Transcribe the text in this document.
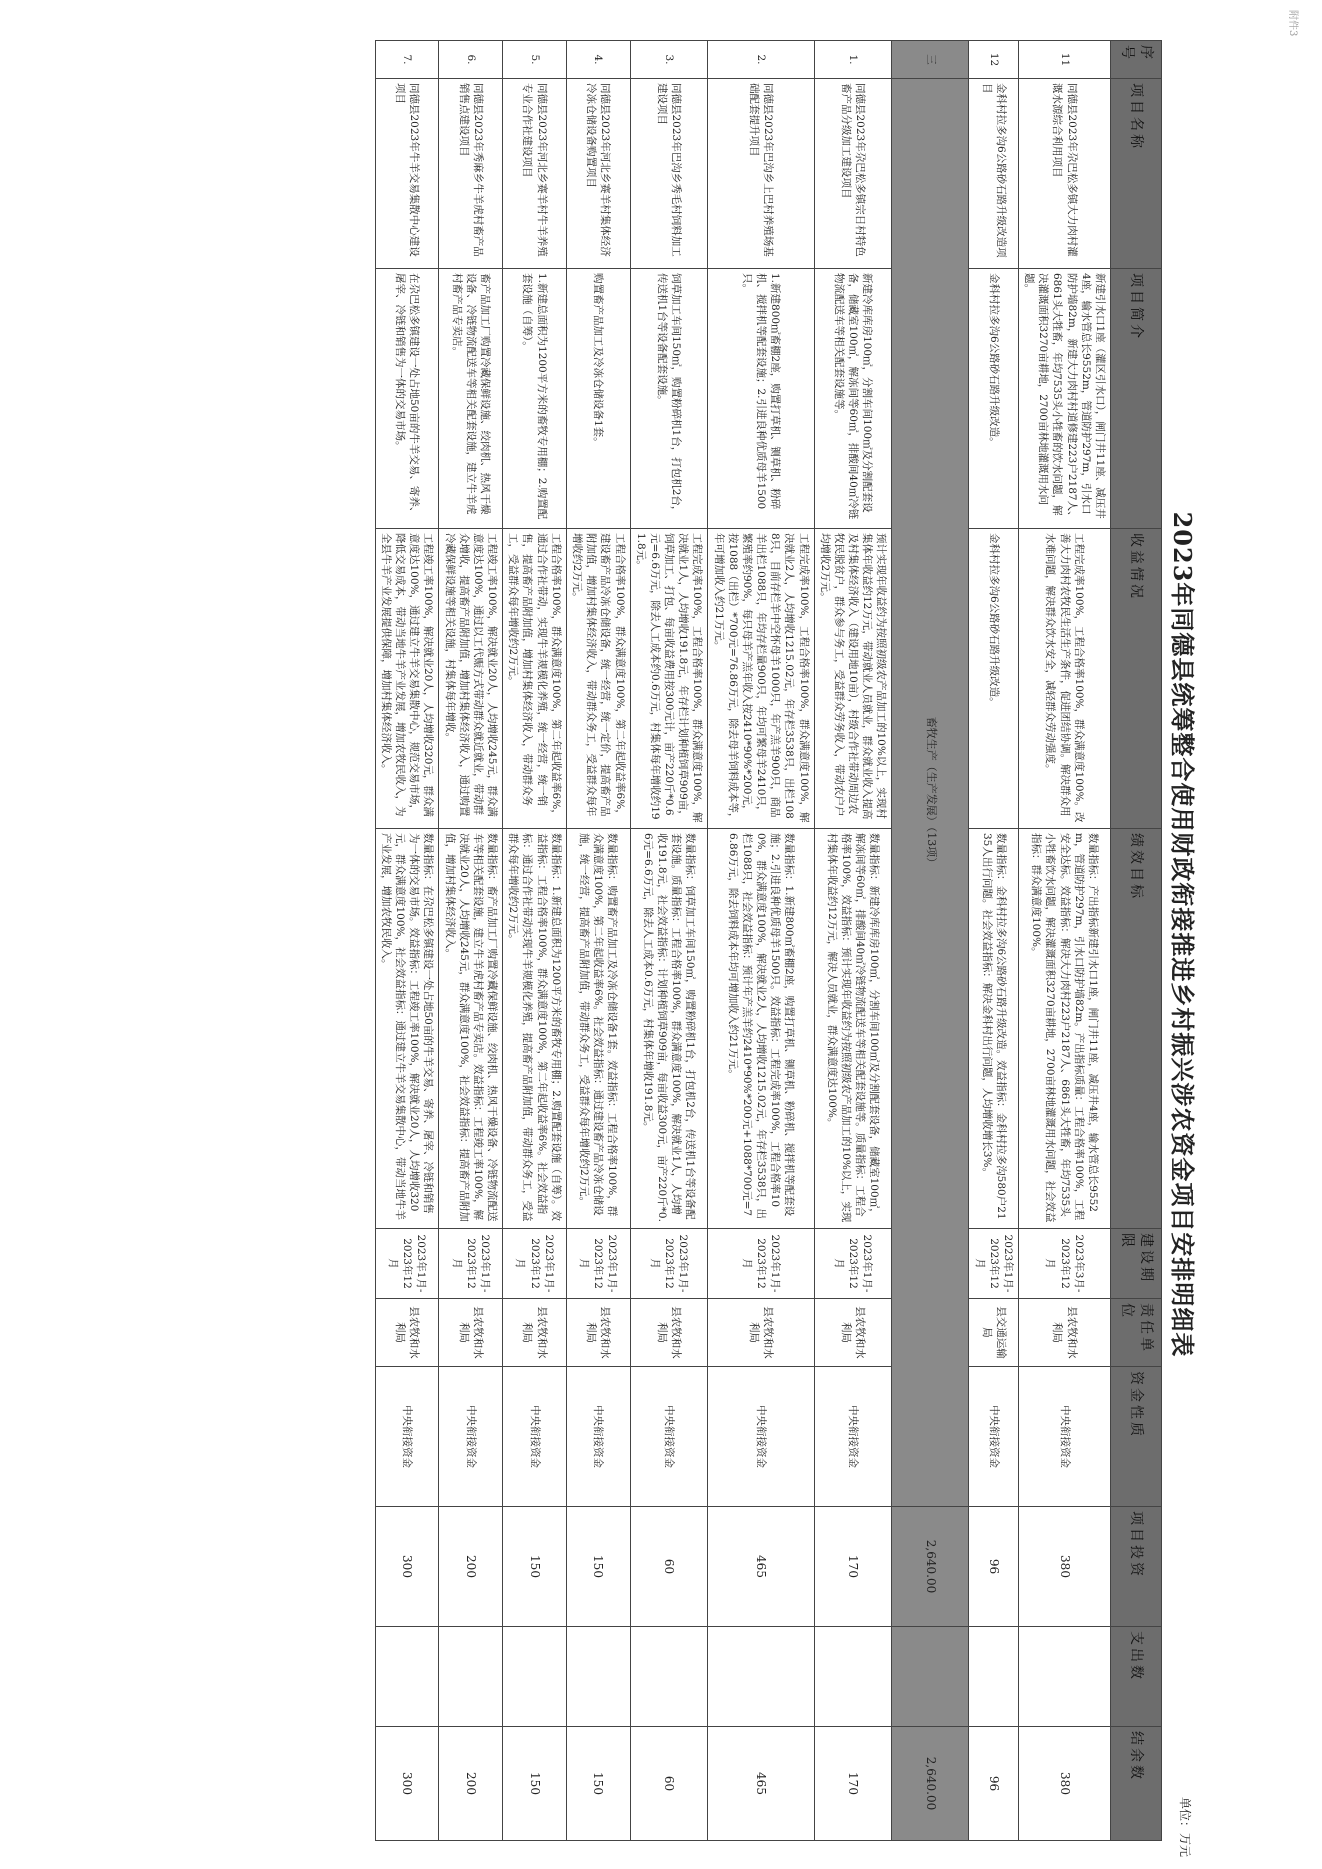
附件3
2023年同德县统筹整合使用财政衔接推进乡村振兴涉农资金项目安排明细表
单位：万元
序号	项目名称	项目简介	收益情况	绩效目标	建设期限	责任单位	资金性质	项目投资	支出数	结余数
11	同德县2023年尕巴松多镇大力肉村灌溉水源综合利用项目	新建引水口1座（灌区引水口），闸门井11座、减压井4座，输水管总长9552m，管道防护297m，引水口防护墙82m，新建大力肉村村道修建223户2187人、6861头大牲畜，年均7535头小牲畜的饮水问题，解决灌溉面积3270亩耕地，2700亩林地灌溉用水问题。	工程完成率100%，工程合格率100%，群众满意度100%。改善大力肉村农牧民生活生产条件，促进团结协调。解决群众用水难问题，解决群众饮水安全，减轻群众劳动强度。	数量指标：产出指标新建引水口1座，闸门井11座，减压井4座，输水管总长9552m，管道防护297m，引水口防护墙82m。产出指标质量：工程合格率100%，工程安全达标。效益指标：解决大力肉村223户2187人、6861头大牲畜，年均7535头小牲畜饮水问题，解决灌溉面积3270亩耕地，2700亩林地灌溉用水问题，社会效益指标：群众满意度100%。	2023年3月-2023年12月	县农牧和水利局	中央衔接资金	380		380
12	金科村拉多沟6公路砂石路升级改造项目	金科村拉多沟6公路砂石路升级改造。	金科村拉多沟6公路砂石路升级改造。	数量指标：金科村拉多沟6公路砂石路升级改造。效益指标：金科村拉多沟580户2135人出行问题。社会效益指标：解决金科村出行问题，人均增收增长3%。	2023年1月-2023年12月	县交通运输局	中央衔接资金	96		96
三	畜牧生产（生产发展）（13项）							2,640.00		2,640.00
1.	同德县2023年尕巴松多镇宗日村特色畜产品分级加工建设项目	新建冷库库房100㎡，分割车间100㎡及分割配套设备，储藏室100㎡，解冻间等60㎡，排酸间40㎡冷链物流配送车等相关配套设施等。	预计实现年收益约为按照初级农产品加工的10%以上，实现村集体年收益约12万元，带动就业人员就业，群众就业收入提高及村集体经济收入（建设用地10亩），村级合作社带动周边农牧民脱贫户，群众参与务工，受益群众劳务收入，带动农户户均增收2万元。	数量指标：新建冷库库房100㎡，分割车间100㎡及分割配套设备，储藏室100㎡，解冻间等60㎡，排酸间40㎡冷链物流配送车等相关配套设施等。质量指标：工程合格率100%，效益指标：预计实现年收益约为按照初级农产品加工的10%以上，实现村集体年收益约12万元，解决人员就业，群众满意度达100%。	2023年1月-2023年12月	县农牧和水利局	中央衔接资金	170		170
2.	同德县2023年巴沟乡上巴村养殖场基础配套提升项目	1.新建800㎡畜棚2座，购置打草机、铡草机、粉碎机、搅拌机等配套设施；2.引进良种优质母羊1500只。	工程完成率100%，工程合格率100%，群众满意度100%，解决就业2人，人均增收1215.02元，年存栏3538只，出栏1088只，目前存栏羊中空怀母羊1000只，年产羔羊900只，商品羊出栏1088只，年均存栏量900只，年均可繁母羊2410只，繁殖率约90%，每只母羊产羔年收入按2410*90%*200元，按1088（出栏）*700元=76.86万元，除去母羊饲料成本等，年可增加收入约21万元。	数量指标：1.新建800㎡畜棚2座，购置打草机、铡草机、粉碎机、搅拌机等配套设施；2.引进良种优质母羊1500只。效益指标：工程完成率100%，工程合格率100%，群众满意度100%，解决就业2人，人均增收1215.02元，年存栏3538只，出栏1088只，社会效益指标：预计年产羔羊约2410*90%*200元+1088*700元=76.86万元，除去饲料成本年均可增加收入约21万元。	2023年1月-2023年12月	县农牧和水利局	中央衔接资金	465		465
3.	同德县2023年巴沟乡秀毛村饲料加工建设项目	饲草加工车间150㎡，购置粉碎机1台，打包机2台，传送机1台等设备配套设施。	工程完成率100%，工程合格率100%，群众满意度100%，解决就业1人，人均增收191.8元，年存栏计划种植饲草909亩，饲草加工、打包、每亩收益费用按300元计，亩产220斤*0.6元=6.6万元，除去人工成本约0.6万元，村集体每年增收约191.8元。	数量指标：饲草加工车间150㎡，购置粉碎机1台，打包机2台，传送机1台等设备配套设施。质量指标：工程合格率100%，群众满意度100%，解决就业1人，人均增收191.8元，社会效益指标：计划种植饲草909亩，每亩收益300元，亩产220斤*0.6元=6.6万元，除去人工成本0.6万元，村集体年增收191.8元。	2023年1月-2023年12月	县农牧和水利局	中央衔接资金	60		60
4.	同德县2023年河北乡赛羊村集体经济冷冻仓储设备购置项目	购置畜产品加工及冷冻仓储设备1套。	工程合格率100%，群众满意度100%，第二年起收益率6%，建设畜产品冷冻仓储设备，统一经营，统一定价，提高畜产品附加值，增加村集体经济收入，带动群众务工，受益群众每年增收约2万元。	数量指标：购置畜产品加工及冷冻仓储设备1套。效益指标：工程合格率100%，群众满意度100%，第二年起收益率6%。社会效益指标：通过建设畜产品冷冻仓储设施，统一经营，提高畜产品附加值，带动群众务工，受益群众每年增收约2万元。	2023年1月-2023年12月	县农牧和水利局	中央衔接资金	150		150
5.	同德县2023年河北乡赛羊村牛羊养殖专业合作社建设项目	1.新建总面积为1200平方米的畜牧专用棚；2.购置配套设施（自筹）。	工程合格率100%，群众满意度100%，第二年起收益率6%，通过合作社带动，实现牛羊规模化养殖，统一经营，统一销售，提高畜产品附加值，增加村集体经济收入，带动群众务工，受益群众每年增收约2万元。	数量指标：1.新建总面积为1200平方米的畜牧专用棚；2.购置配套设施（自筹）。效益指标：工程合格率100%，群众满意度100%，第二年起收益率6%。社会效益指标：通过合作社带动实现牛羊规模化养殖，提高畜产品附加值，带动群众务工，受益群众每年增收约2万元。	2023年1月-2023年12月	县农牧和水利局	中央衔接资金	150		150
6.	同德县2023年秀麻乡牛羊虎村畜产品销售点建设项目	畜产品加工厂购置冷藏保鲜设施、绞肉机、热风干燥设备、冷链物流配送车等相关配套设施，建立牛羊虎村畜产品专卖店。	工程竣工率100%，解决就业20人，人均增收245元，群众满意度达100%，通过以工代赈方式带动群众就近就业，带动群众增收，提高畜产品附加值，增加村集体经济收入，通过购置冷藏保鲜设施等相关设施，村集体每年增收。	数量指标：畜产品加工厂购置冷藏保鲜设施、绞肉机、热风干燥设备、冷链物流配送车等相关配套设施，建立牛羊虎村畜产品专卖店。效益指标：工程竣工率100%，解决就业20人，人均增收245元，群众满意度100%，社会效益指标：提高畜产品附加值，增加村集体经济收入。	2023年1月-2023年12月	县农牧和水利局	中央衔接资金	200		200
7.	同德县2023年牛羊交易集散中心建设项目	在尕巴松多镇建设一处占地50亩的牛羊交易、寄养、屠宰、冷链和销售为一体的交易市场。	工程竣工率100%，解决就业20人，人均增收320元，群众满意度达100%，通过建立牛羊交易集散中心，规范交易市场，降低交易成本，带动当地牛羊产业发展，增加农牧民收入，为全县牛羊产业发展提供保障，增加村集体经济收入。	数量指标：在尕巴松多镇建设一处占地50亩的牛羊交易、寄养、屠宰、冷链和销售为一体的交易市场。效益指标：工程竣工率100%，解决就业20人，人均增收320元，群众满意度100%，社会效益指标：通过建立牛羊交易集散中心，带动当地牛羊产业发展，增加农牧民收入。	2023年1月-2023年12月	县农牧和水利局	中央衔接资金	300		300
